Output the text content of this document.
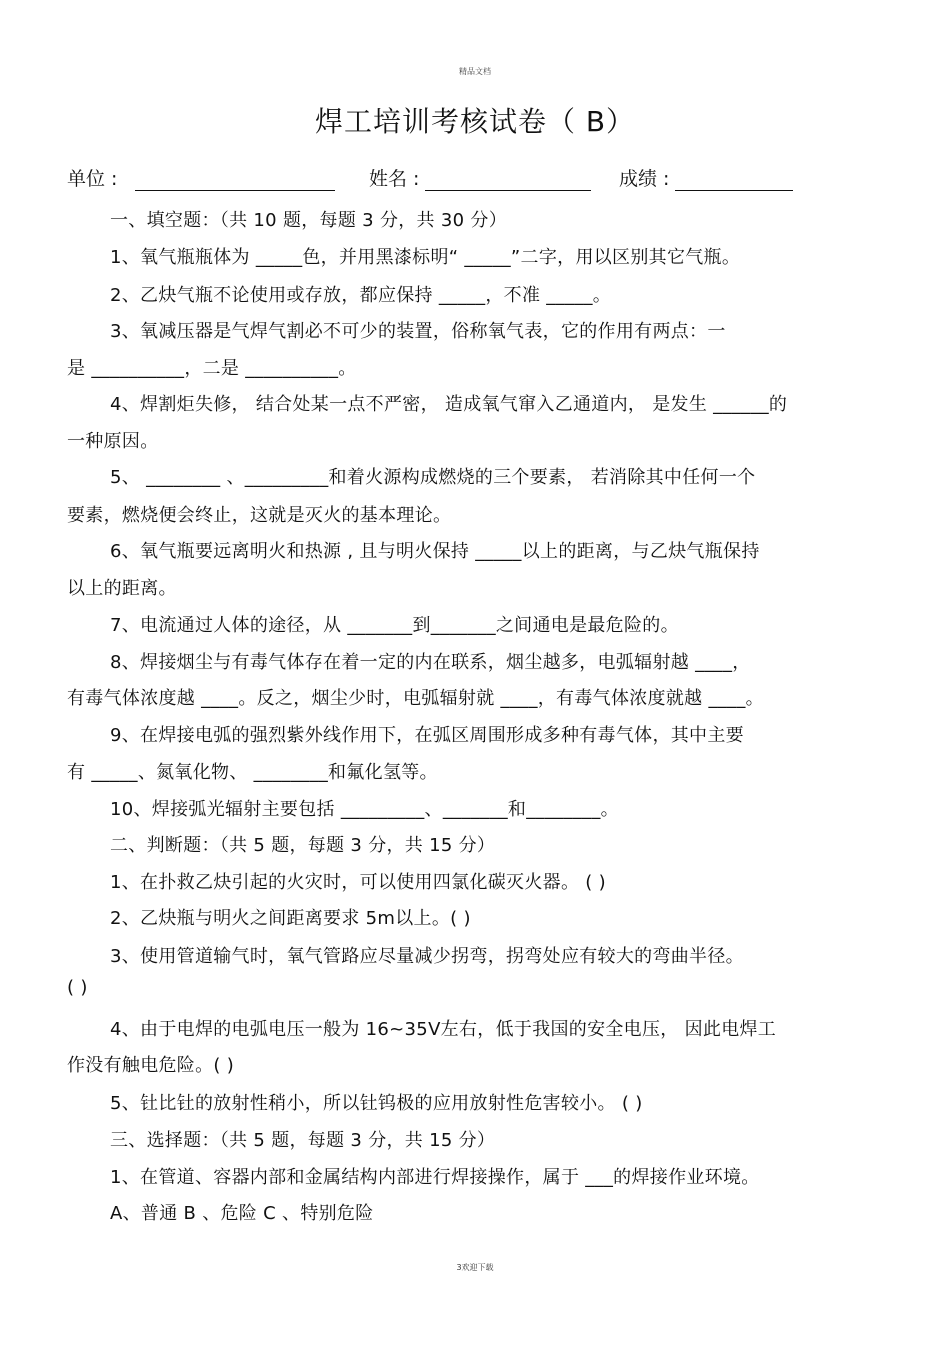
精品文档
焊工培训考核试卷（ B）
单位 :	姓名 :	成绩 :
一、填空题：（共 10 题，每题 3 分，共 30 分）
1、氧气瓶瓶体为 _____色，并用黑漆标明“ _____”二字，用以区别其它气瓶。
2、乙炔气瓶不论使用或存放，都应保持 _____，不准 _____。
3、氧减压器是气焊气割必不可少的装置，俗称氧气表，它的作用有两点：一
是 __________，二是 __________。
4、焊割炬失修， 结合处某一点不严密， 造成氧气窜入乙通道内， 是发生 ______的
一种原因。
5、 ________ 、_________和着火源构成燃烧的三个要素， 若消除其中任何一个
要素，燃烧便会终止，这就是灭火的基本理论。
6、氧气瓶要远离明火和热源 , 且与明火保持 _____以上的距离，与乙炔气瓶保持
以上的距离。
7、电流通过人体的途径，从 _______到_______之间通电是最危险的。
8、焊接烟尘与有毒气体存在着一定的内在联系，烟尘越多，电弧辐射越 ____，
有毒气体浓度越 ____。反之，烟尘少时，电弧辐射就 ____，有毒气体浓度就越 ____。
9、在焊接电弧的强烈紫外线作用下，在弧区周围形成多种有毒气体，其中主要
有 _____、氮氧化物、 ________和氟化氢等。
10、焊接弧光辐射主要包括 _________、_______和________。
二、判断题：（共 5 题，每题 3 分，共 15 分）
1、在扑救乙炔引起的火灾时，可以使用四氯化碳灭火器。 ( )
2、乙炔瓶与明火之间距离要求 5m以上。( )
3、使用管道输气时，氧气管路应尽量减少拐弯，拐弯处应有较大的弯曲半径。
( )
4、由于电焊的电弧电压一般为 16~35V左右，低于我国的安全电压， 因此电焊工
作没有触电危险。( )
5、钍比钍的放射性稍小，所以钍钨极的应用放射性危害较小。 ( )
三、选择题：（共 5 题，每题 3 分，共 15 分）
1、在管道、容器内部和金属结构内部进行焊接操作，属于 ___的焊接作业环境。
A、普通 B 、危险 C 、特别危险
3欢迎下载
